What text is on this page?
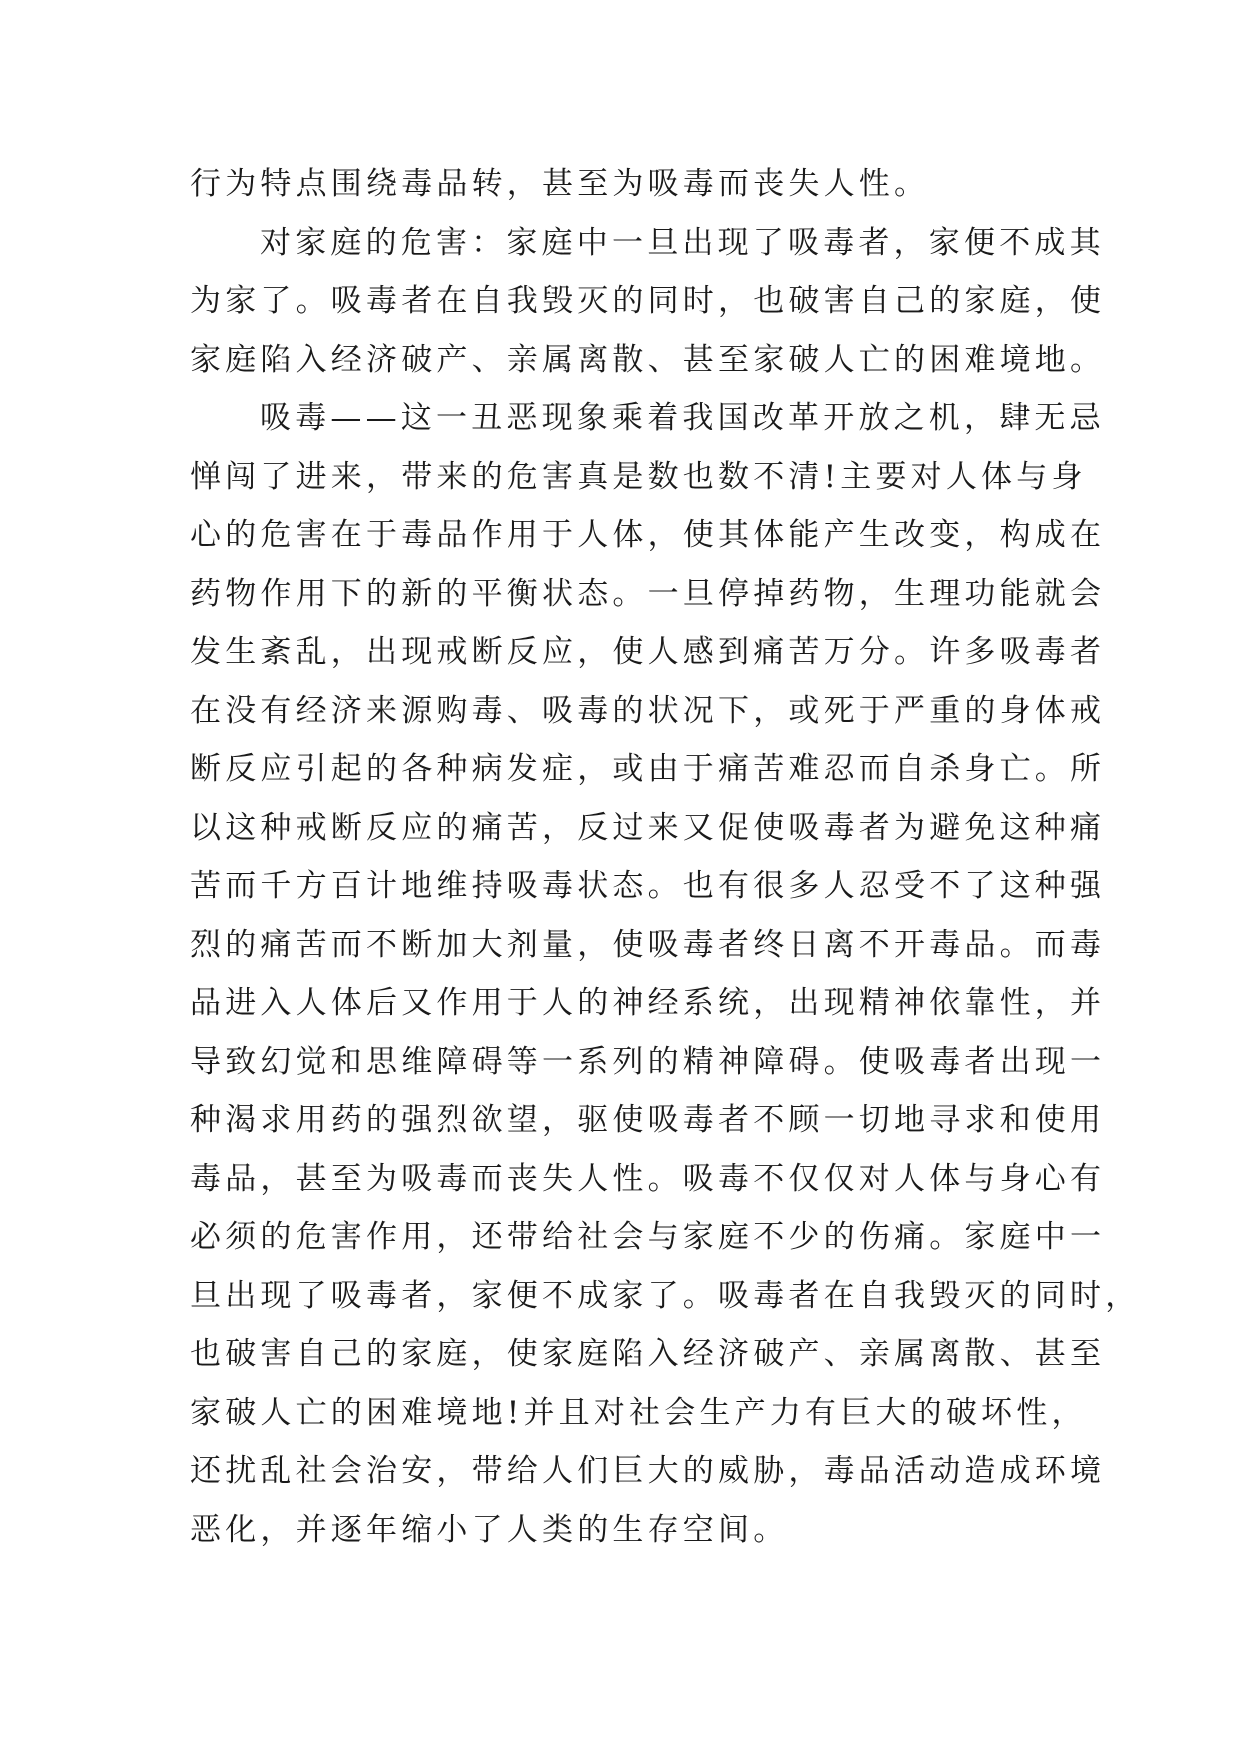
行为特点围绕毒品转，甚至为吸毒而丧失人性。
对家庭的危害：家庭中一旦出现了吸毒者，家便不成其
为家了。吸毒者在自我毁灭的同时，也破害自己的家庭，使
家庭陷入经济破产、亲属离散、甚至家破人亡的困难境地。
吸毒——这一丑恶现象乘着我国改革开放之机，肆无忌
惮闯了进来，带来的危害真是数也数不清!主要对人体与身
心的危害在于毒品作用于人体，使其体能产生改变，构成在
药物作用下的新的平衡状态。一旦停掉药物，生理功能就会
发生紊乱，出现戒断反应，使人感到痛苦万分。许多吸毒者
在没有经济来源购毒、吸毒的状况下，或死于严重的身体戒
断反应引起的各种病发症，或由于痛苦难忍而自杀身亡。所
以这种戒断反应的痛苦，反过来又促使吸毒者为避免这种痛
苦而千方百计地维持吸毒状态。也有很多人忍受不了这种强
烈的痛苦而不断加大剂量，使吸毒者终日离不开毒品。而毒
品进入人体后又作用于人的神经系统，出现精神依靠性，并
导致幻觉和思维障碍等一系列的精神障碍。使吸毒者出现一
种渴求用药的强烈欲望，驱使吸毒者不顾一切地寻求和使用
毒品，甚至为吸毒而丧失人性。吸毒不仅仅对人体与身心有
必须的危害作用，还带给社会与家庭不少的伤痛。家庭中一
旦出现了吸毒者，家便不成家了。吸毒者在自我毁灭的同时，
也破害自己的家庭，使家庭陷入经济破产、亲属离散、甚至
家破人亡的困难境地!并且对社会生产力有巨大的破坏性，
还扰乱社会治安，带给人们巨大的威胁，毒品活动造成环境
恶化，并逐年缩小了人类的生存空间。
